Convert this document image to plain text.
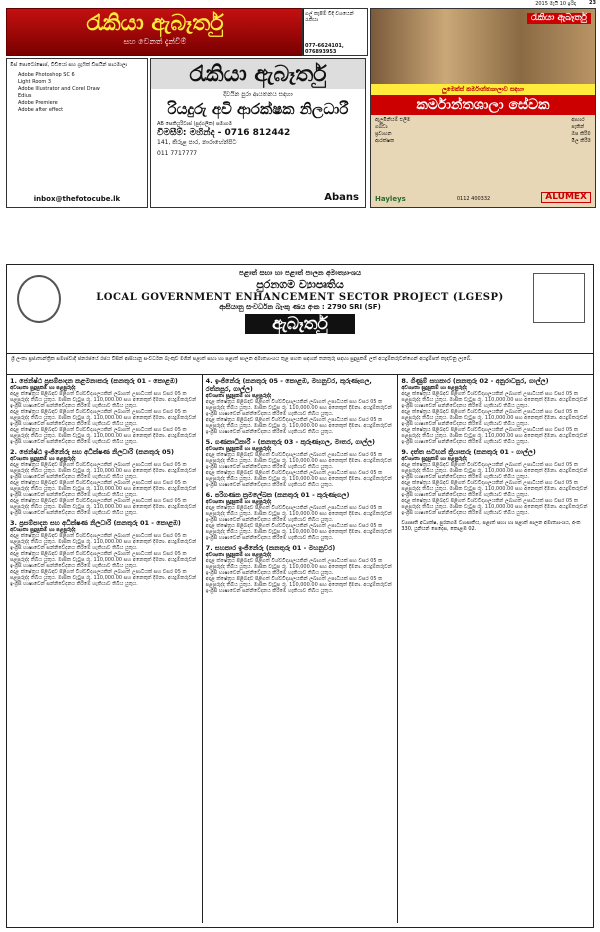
2015 මැයි 10 ඉරිදා	23
රැකියා ඇබෑර්තු
සහ වෙනත් දැන්වීම්
ගල් කැපීම් විදි වශයෙන්
රැකියා
077-6624101, 076893953
මිස් පොටෝෂොප්, විඩියෝ සහ ග්‍රැෆික් ඩිසයින් පාඨමාලා
Adobe Photoshop SC 6
Light Room 3
Adobe Illustrator and Corel Draw
Edius
Adobe Premiere
Adobe after effect
inbox@thefotocube.lk
රැකියා ඇබෑර්තු
දිවයින පුරා ආයතනය සඳහා
රියදුරු අවි ආරක්ෂක නිලධාරී
AB සෙකියුරිටාස් (පුද්ගලික) සමාගම
විමසීම්: මහින්ද - 0716 812442
141, කිරුළ පාර, නාරාහේන්පිට
011 7717777
Abans
රැකියා ඇබෑර්තු
ලුමෙක්ස් කර්මාන්තශාලාව සඳහා
කර්මාන්තශාලා සේවක
ඇලුමිනියම් එලීම
ගබඩා
ප්‍රවාහන
ආරක්ෂක
ආහාර
පැකින්
ඔප කිරීම
මිල කිරීම
Hayleys	0112 400332	ALUMEX
පළාත් සභා හා පළාත් පාලන අමාත්‍යාංශය
පුරනගම ව්‍යාපෘතිය
LOCAL GOVERNMENT ENHANCEMENT SECTOR PROJECT (LGESP)
ආසියානු සංවර්ධන බැංකු ණය අංක : 2790 SRI (SF)
ඇබෑර්තු
ශ්‍රී ලංකා ප්‍රජාතාන්ත්‍රික සමාජවාදී ජනරජයේ රජය විසින් ආසියානු සංවර්ධන බැංකුව මගින් පළාත් සභා හා පළාත් පාලන අමාත්‍යාංශය තුළ පහත සඳහන් තනතුරු සඳහා සුදුසුකම් ලත් අයදුම්කරුවන්ගෙන් අයදුම්පත් කැඳවනු ලැබේ.
1. ජෙන්ෂ්ඨ ප්‍රසම්පාදන කළමනාකරු (කනතුරු 01 - කොළඹ)
අවශ්‍යතා සුදුසුකම් හා පළපුරුද්ද
අදාළ ක්ෂේත්‍රය පිළිබඳව පිළිගත් විශ්වවිද්‍යාලයකින් ලබාගත් උපාධියක් සහ වසර 05 ක පළපුරුද්ද තිබිය යුතුය. මාසික වැටුප රු. 110,000.00 සහ අනෙකුත් දීමනා. අයදුම්කරුවන් ඉංග්‍රීසි භාෂාවෙන් සන්නිවේදනය කිරීමේ හැකියාව තිබිය යුතුය.
අදාළ ක්ෂේත්‍රය පිළිබඳව පිළිගත් විශ්වවිද්‍යාලයකින් ලබාගත් උපාධියක් සහ වසර 05 ක පළපුරුද්ද තිබිය යුතුය. මාසික වැටුප රු. 110,000.00 සහ අනෙකුත් දීමනා. අයදුම්කරුවන් ඉංග්‍රීසි භාෂාවෙන් සන්නිවේදනය කිරීමේ හැකියාව තිබිය යුතුය.
අදාළ ක්ෂේත්‍රය පිළිබඳව පිළිගත් විශ්වවිද්‍යාලයකින් ලබාගත් උපාධියක් සහ වසර 05 ක පළපුරුද්ද තිබිය යුතුය. මාසික වැටුප රු. 110,000.00 සහ අනෙකුත් දීමනා. අයදුම්කරුවන් ඉංග්‍රීසි භාෂාවෙන් සන්නිවේදනය කිරීමේ හැකියාව තිබිය යුතුය.
2. ජෙන්ෂ්ඨ ඉංජිනේරු සහ අධීක්ෂණ නිලධාරි (කනතුරු 05)
අවශ්‍යතා සුදුසුකම් හා පළපුරුද්ද
අදාළ ක්ෂේත්‍රය පිළිබඳව පිළිගත් විශ්වවිද්‍යාලයකින් ලබාගත් උපාධියක් සහ වසර 05 ක පළපුරුද්ද තිබිය යුතුය. මාසික වැටුප රු. 110,000.00 සහ අනෙකුත් දීමනා. අයදුම්කරුවන් ඉංග්‍රීසි භාෂාවෙන් සන්නිවේදනය කිරීමේ හැකියාව තිබිය යුතුය.
අදාළ ක්ෂේත්‍රය පිළිබඳව පිළිගත් විශ්වවිද්‍යාලයකින් ලබාගත් උපාධියක් සහ වසර 05 ක පළපුරුද්ද තිබිය යුතුය. මාසික වැටුප රු. 110,000.00 සහ අනෙකුත් දීමනා. අයදුම්කරුවන් ඉංග්‍රීසි භාෂාවෙන් සන්නිවේදනය කිරීමේ හැකියාව තිබිය යුතුය.
අදාළ ක්ෂේත්‍රය පිළිබඳව පිළිගත් විශ්වවිද්‍යාලයකින් ලබාගත් උපාධියක් සහ වසර 05 ක පළපුරුද්ද තිබිය යුතුය. මාසික වැටුප රු. 110,000.00 සහ අනෙකුත් දීමනා. අයදුම්කරුවන් ඉංග්‍රීසි භාෂාවෙන් සන්නිවේදනය කිරීමේ හැකියාව තිබිය යුතුය.
3. ප්‍රසම්පාදන සහ අධීක්ෂණ නිලධාරි (කනතුරු 01 - කොළඹ)
අවශ්‍යතා සුදුසුකම් හා පළපුරුද්ද
අදාළ ක්ෂේත්‍රය පිළිබඳව පිළිගත් විශ්වවිද්‍යාලයකින් ලබාගත් උපාධියක් සහ වසර 05 ක පළපුරුද්ද තිබිය යුතුය. මාසික වැටුප රු. 110,000.00 සහ අනෙකුත් දීමනා. අයදුම්කරුවන් ඉංග්‍රීසි භාෂාවෙන් සන්නිවේදනය කිරීමේ හැකියාව තිබිය යුතුය.
අදාළ ක්ෂේත්‍රය පිළිබඳව පිළිගත් විශ්වවිද්‍යාලයකින් ලබාගත් උපාධියක් සහ වසර 05 ක පළපුරුද්ද තිබිය යුතුය. මාසික වැටුප රු. 110,000.00 සහ අනෙකුත් දීමනා. අයදුම්කරුවන් ඉංග්‍රීසි භාෂාවෙන් සන්නිවේදනය කිරීමේ හැකියාව තිබිය යුතුය.
අදාළ ක්ෂේත්‍රය පිළිබඳව පිළිගත් විශ්වවිද්‍යාලයකින් ලබාගත් උපාධියක් සහ වසර 05 ක පළපුරුද්ද තිබිය යුතුය. මාසික වැටුප රු. 110,000.00 සහ අනෙකුත් දීමනා. අයදුම්කරුවන් ඉංග්‍රීසි භාෂාවෙන් සන්නිවේදනය කිරීමේ හැකියාව තිබිය යුතුය.
4. ඉංජිනේරු (කනතුරු 05 - කොළඹ, මහනුවර, කුරුණෑගල, රත්නපුර, ගාල්ල)
අවශ්‍යතා සුදුසුකම් හා පළපුරුද්ද
අදාළ ක්ෂේත්‍රය පිළිබඳව පිළිගත් විශ්වවිද්‍යාලයකින් ලබාගත් උපාධියක් සහ වසර 05 ක පළපුරුද්ද තිබිය යුතුය. මාසික වැටුප රු. 110,000.00 සහ අනෙකුත් දීමනා. අයදුම්කරුවන් ඉංග්‍රීසි භාෂාවෙන් සන්නිවේදනය කිරීමේ හැකියාව තිබිය යුතුය.
අදාළ ක්ෂේත්‍රය පිළිබඳව පිළිගත් විශ්වවිද්‍යාලයකින් ලබාගත් උපාධියක් සහ වසර 05 ක පළපුරුද්ද තිබිය යුතුය. මාසික වැටුප රු. 110,000.00 සහ අනෙකුත් දීමනා. අයදුම්කරුවන් ඉංග්‍රීසි භාෂාවෙන් සන්නිවේදනය කිරීමේ හැකියාව තිබිය යුතුය.
5. ගණකාධිකාරී - (කනතුරු 03 - කුරුණෑගල, මාතර, ගාල්ල)
අවශ්‍යතා සුදුසුකම් හා පළපුරුද්ද
අදාළ ක්ෂේත්‍රය පිළිබඳව පිළිගත් විශ්වවිද්‍යාලයකින් ලබාගත් උපාධියක් සහ වසර 05 ක පළපුරුද්ද තිබිය යුතුය. මාසික වැටුප රු. 110,000.00 සහ අනෙකුත් දීමනා. අයදුම්කරුවන් ඉංග්‍රීසි භාෂාවෙන් සන්නිවේදනය කිරීමේ හැකියාව තිබිය යුතුය.
අදාළ ක්ෂේත්‍රය පිළිබඳව පිළිගත් විශ්වවිද්‍යාලයකින් ලබාගත් උපාධියක් සහ වසර 05 ක පළපුරුද්ද තිබිය යුතුය. මාසික වැටුප රු. 110,000.00 සහ අනෙකුත් දීමනා. අයදුම්කරුවන් ඉංග්‍රීසි භාෂාවෙන් සන්නිවේදනය කිරීමේ හැකියාව තිබිය යුතුය.
6. පරිගණක ක්‍රමලේඛක (කනතුරු 01 - කුරුණෑගල)
අවශ්‍යතා සුදුසුකම් හා පළපුරුද්ද
අදාළ ක්ෂේත්‍රය පිළිබඳව පිළිගත් විශ්වවිද්‍යාලයකින් ලබාගත් උපාධියක් සහ වසර 05 ක පළපුරුද්ද තිබිය යුතුය. මාසික වැටුප රු. 110,000.00 සහ අනෙකුත් දීමනා. අයදුම්කරුවන් ඉංග්‍රීසි භාෂාවෙන් සන්නිවේදනය කිරීමේ හැකියාව තිබිය යුතුය.
අදාළ ක්ෂේත්‍රය පිළිබඳව පිළිගත් විශ්වවිද්‍යාලයකින් ලබාගත් උපාධියක් සහ වසර 05 ක පළපුරුද්ද තිබිය යුතුය. මාසික වැටුප රු. 110,000.00 සහ අනෙකුත් දීමනා. අයදුම්කරුවන් ඉංග්‍රීසි භාෂාවෙන් සන්නිවේදනය කිරීමේ හැකියාව තිබිය යුතුය.
7. සහකාර ඉංජිනේරු (කනතුරු 01 - මහනුවර)
අවශ්‍යතා සුදුසුකම් හා පළපුරුද්ද
අදාළ ක්ෂේත්‍රය පිළිබඳව පිළිගත් විශ්වවිද්‍යාලයකින් ලබාගත් උපාධියක් සහ වසර 05 ක පළපුරුද්ද තිබිය යුතුය. මාසික වැටුප රු. 110,000.00 සහ අනෙකුත් දීමනා. අයදුම්කරුවන් ඉංග්‍රීසි භාෂාවෙන් සන්නිවේදනය කිරීමේ හැකියාව තිබිය යුතුය.
අදාළ ක්ෂේත්‍රය පිළිබඳව පිළිගත් විශ්වවිද්‍යාලයකින් ලබාගත් උපාධියක් සහ වසර 05 ක පළපුරුද්ද තිබිය යුතුය. මාසික වැටුප රු. 110,000.00 සහ අනෙකුත් දීමනා. අයදුම්කරුවන් ඉංග්‍රීසි භාෂාවෙන් සන්නිවේදනය කිරීමේ හැකියාව තිබිය යුතුය.
8. ගිණුම් සහකාර (කනතුරු 02 - අනුරාධපුර, ගාල්ල)
අවශ්‍යතා සුදුසුකම් හා පළපුරුද්ද
අදාළ ක්ෂේත්‍රය පිළිබඳව පිළිගත් විශ්වවිද්‍යාලයකින් ලබාගත් උපාධියක් සහ වසර 05 ක පළපුරුද්ද තිබිය යුතුය. මාසික වැටුප රු. 110,000.00 සහ අනෙකුත් දීමනා. අයදුම්කරුවන් ඉංග්‍රීසි භාෂාවෙන් සන්නිවේදනය කිරීමේ හැකියාව තිබිය යුතුය.
අදාළ ක්ෂේත්‍රය පිළිබඳව පිළිගත් විශ්වවිද්‍යාලයකින් ලබාගත් උපාධියක් සහ වසර 05 ක පළපුරුද්ද තිබිය යුතුය. මාසික වැටුප රු. 110,000.00 සහ අනෙකුත් දීමනා. අයදුම්කරුවන් ඉංග්‍රීසි භාෂාවෙන් සන්නිවේදනය කිරීමේ හැකියාව තිබිය යුතුය.
අදාළ ක්ෂේත්‍රය පිළිබඳව පිළිගත් විශ්වවිද්‍යාලයකින් ලබාගත් උපාධියක් සහ වසර 05 ක පළපුරුද්ද තිබිය යුතුය. මාසික වැටුප රු. 110,000.00 සහ අනෙකුත් දීමනා. අයදුම්කරුවන් ඉංග්‍රීසි භාෂාවෙන් සන්නිවේදනය කිරීමේ හැකියාව තිබිය යුතුය.
9. දත්ත සටහන් ක්‍රියාකරු (කනතුරු 01 - ගාල්ල)
අවශ්‍යතා සුදුසුකම් හා පළපුරුද්ද
අදාළ ක්ෂේත්‍රය පිළිබඳව පිළිගත් විශ්වවිද්‍යාලයකින් ලබාගත් උපාධියක් සහ වසර 05 ක පළපුරුද්ද තිබිය යුතුය. මාසික වැටුප රු. 110,000.00 සහ අනෙකුත් දීමනා. අයදුම්කරුවන් ඉංග්‍රීසි භාෂාවෙන් සන්නිවේදනය කිරීමේ හැකියාව තිබිය යුතුය.
අදාළ ක්ෂේත්‍රය පිළිබඳව පිළිගත් විශ්වවිද්‍යාලයකින් ලබාගත් උපාධියක් සහ වසර 05 ක පළපුරුද්ද තිබිය යුතුය. මාසික වැටුප රු. 110,000.00 සහ අනෙකුත් දීමනා. අයදුම්කරුවන් ඉංග්‍රීසි භාෂාවෙන් සන්නිවේදනය කිරීමේ හැකියාව තිබිය යුතුය.
අදාළ ක්ෂේත්‍රය පිළිබඳව පිළිගත් විශ්වවිද්‍යාලයකින් ලබාගත් උපාධියක් සහ වසර 05 ක පළපුරුද්ද තිබිය යුතුය. මාසික වැටුප රු. 110,000.00 සහ අනෙකුත් දීමනා. අයදුම්කරුවන් ඉංග්‍රීසි භාෂාවෙන් සන්නිවේදනය කිරීමේ හැකියාව තිබිය යුතුය.
ව්‍යාපෘති අධ්‍යක්ෂ, පුරනගම ව්‍යාපෘතිය, පළාත් සභා හා පළාත් පාලන අමාත්‍යාංශය, අංක 330, යුනියන් පෙදෙස, කොළඹ 02.
